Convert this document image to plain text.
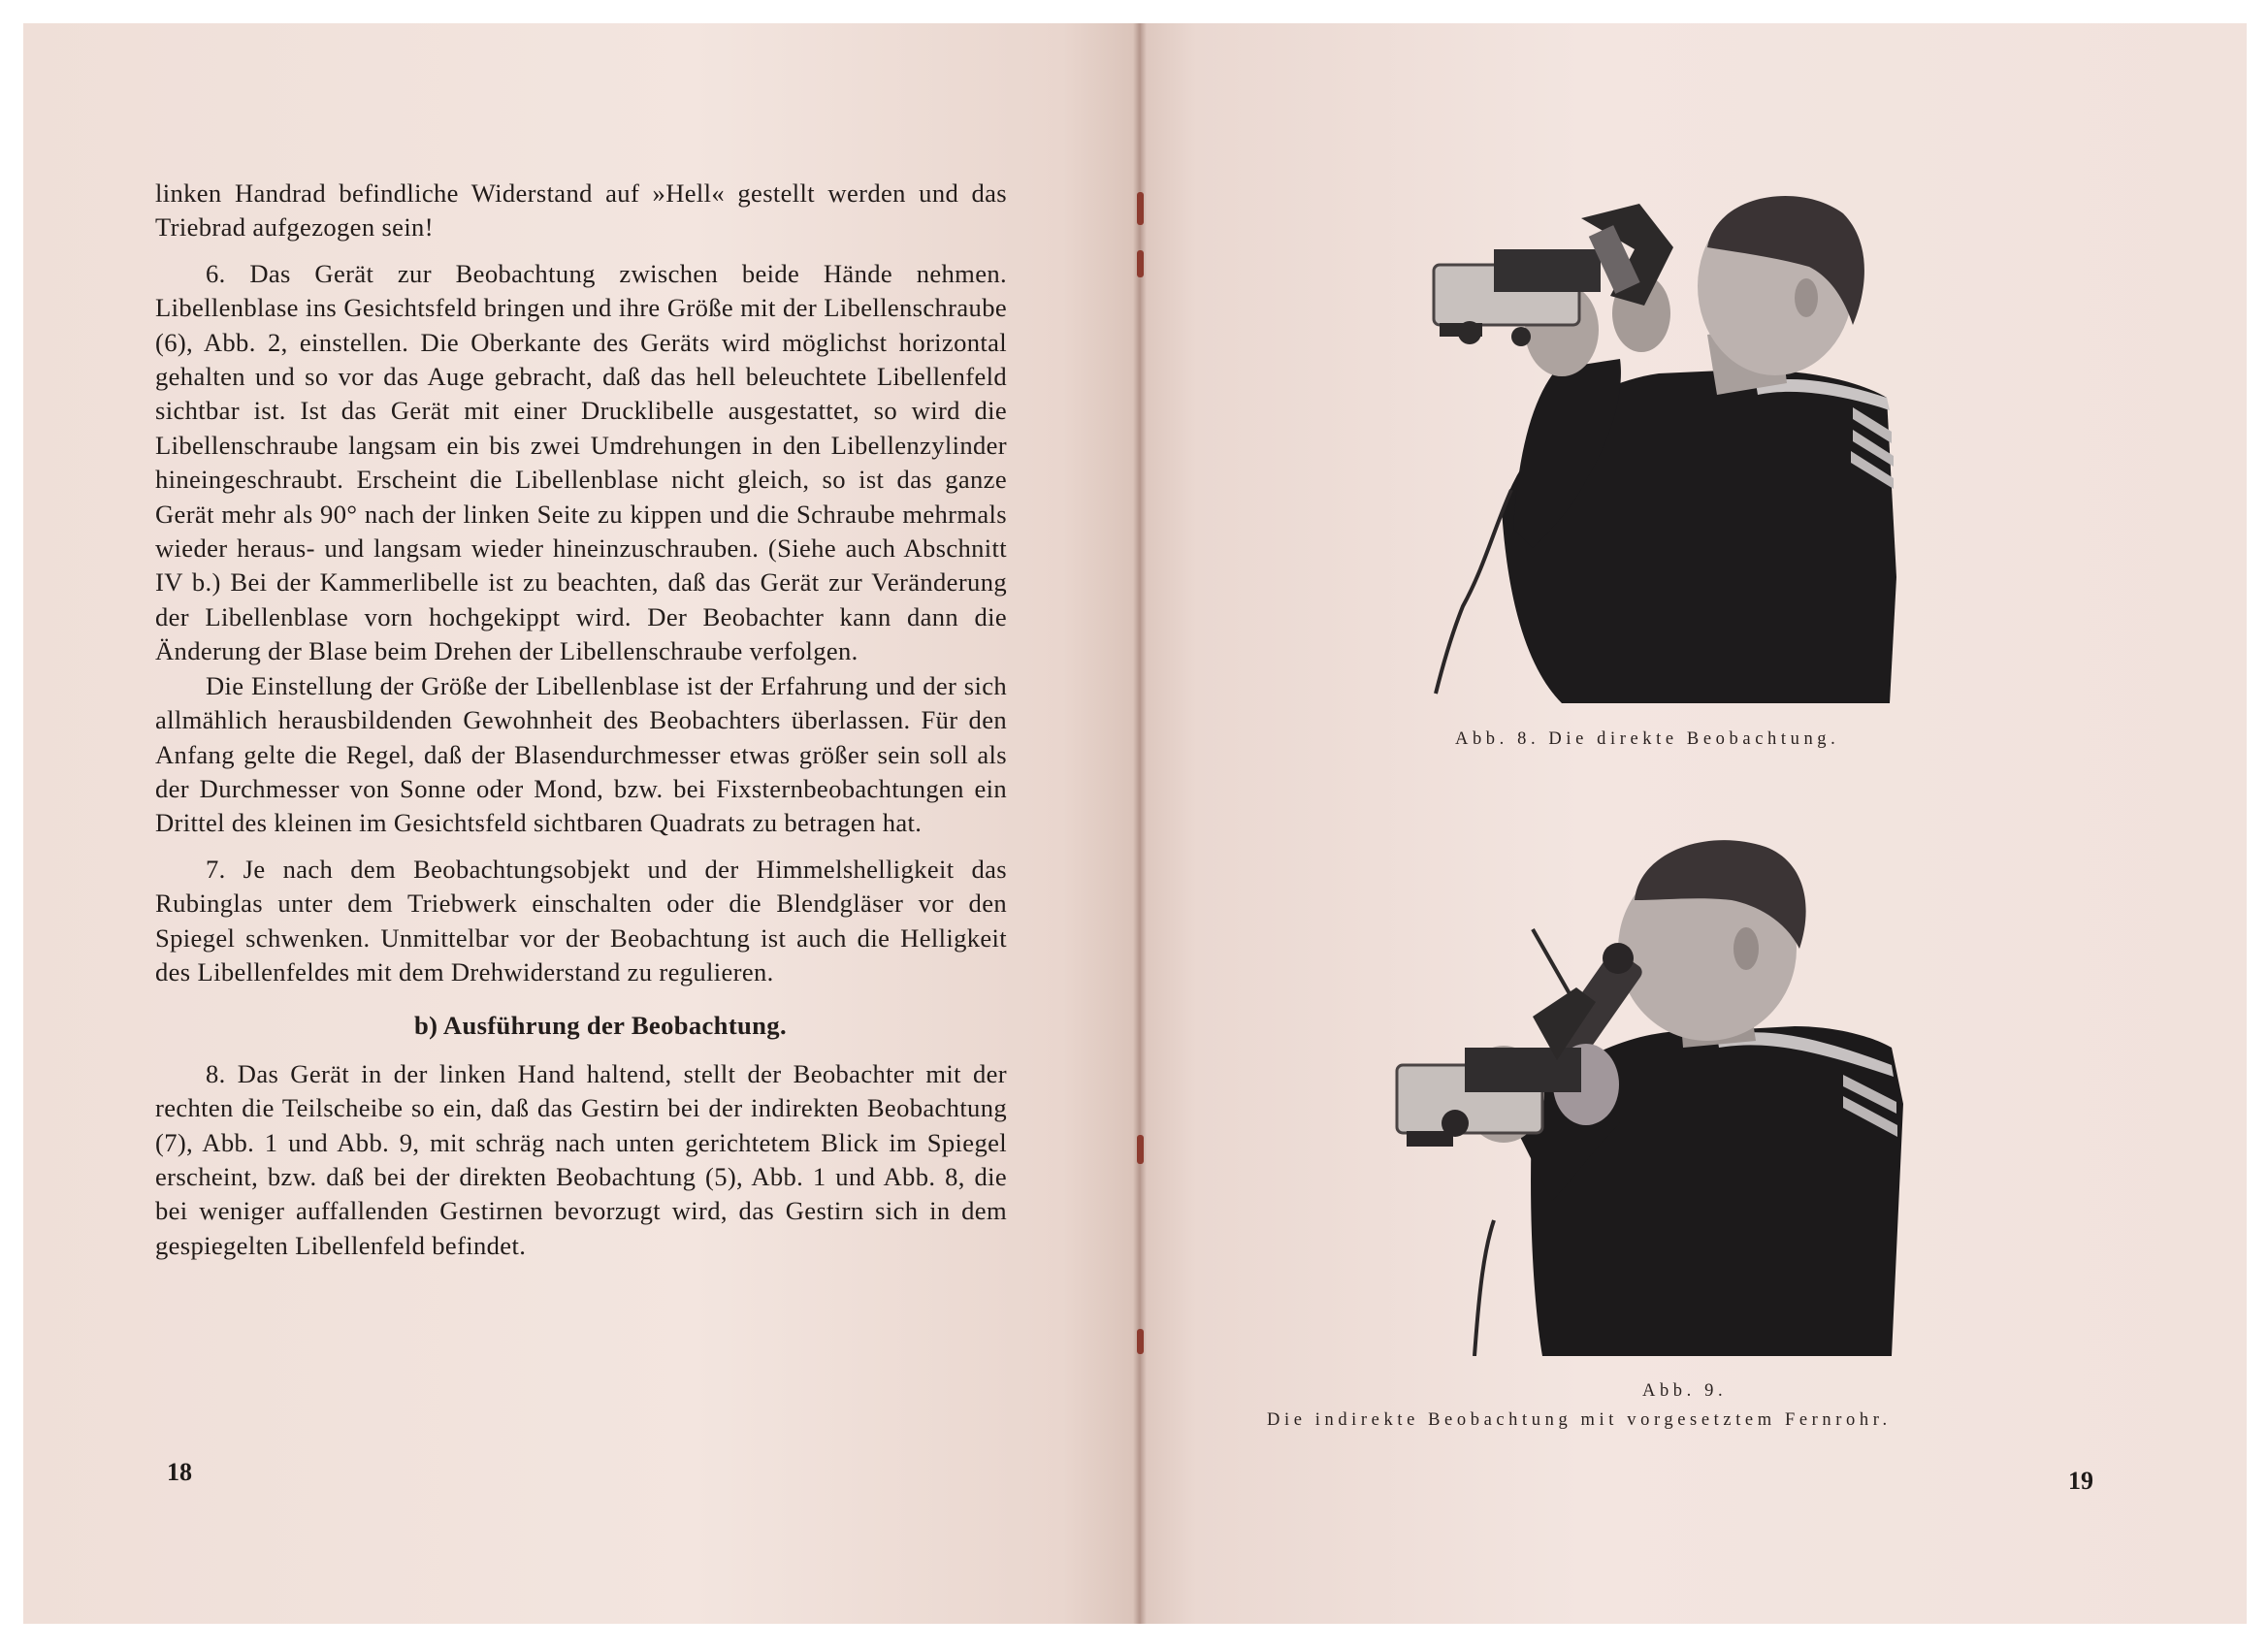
linken Handrad befindliche Widerstand auf »Hell« gestellt werden und das Triebrad aufgezogen sein!

6. Das Gerät zur Beobachtung zwischen beide Hände nehmen. Libellenblase ins Gesichtsfeld bringen und ihre Größe mit der Libellenschraube (6), Abb. 2, einstellen. Die Oberkante des Geräts wird möglichst horizontal gehalten und so vor das Auge gebracht, daß das hell beleuchtete Libellenfeld sichtbar ist. Ist das Gerät mit einer Drucklibelle ausgestattet, so wird die Libellenschraube langsam ein bis zwei Umdrehungen in den Libellenzylinder hineingeschraubt. Erscheint die Libellenblase nicht gleich, so ist das ganze Gerät mehr als 90° nach der linken Seite zu kippen und die Schraube mehrmals wieder heraus- und langsam wieder hineinzuschrauben. (Siehe auch Abschnitt IV b.) Bei der Kammerlibelle ist zu beachten, daß das Gerät zur Veränderung der Libellenblase vorn hochgekippt wird. Der Beobachter kann dann die Änderung der Blase beim Drehen der Libellenschraube verfolgen.

Die Einstellung der Größe der Libellenblase ist der Erfahrung und der sich allmählich herausbildenden Gewohnheit des Beobachters überlassen. Für den Anfang gelte die Regel, daß der Blasendurchmesser etwas größer sein soll als der Durchmesser von Sonne oder Mond, bzw. bei Fixsternbeobachtungen ein Drittel des kleinen im Gesichtsfeld sichtbaren Quadrats zu betragen hat.

7. Je nach dem Beobachtungsobjekt und der Himmelshelligkeit das Rubinglas unter dem Triebwerk einschalten oder die Blendgläser vor den Spiegel schwenken. Unmittelbar vor der Beobachtung ist auch die Helligkeit des Libellenfeldes mit dem Drehwiderstand zu regulieren.

b) Ausführung der Beobachtung.

8. Das Gerät in der linken Hand haltend, stellt der Beobachter mit der rechten die Teilscheibe so ein, daß das Gestirn bei der indirekten Beobachtung (7), Abb. 1 und Abb. 9, mit schräg nach unten gerichtetem Blick im Spiegel erscheint, bzw. daß bei der direkten Beobachtung (5), Abb. 1 und Abb. 8, die bei weniger auffallenden Gestirnen bevorzugt wird, das Gestirn sich in dem gespiegelten Libellenfeld befindet.

18	19
Abb. 8. Die direkte Beobachtung.
Abb. 9.
Die indirekte Beobachtung mit vorgesetztem Fernrohr.
